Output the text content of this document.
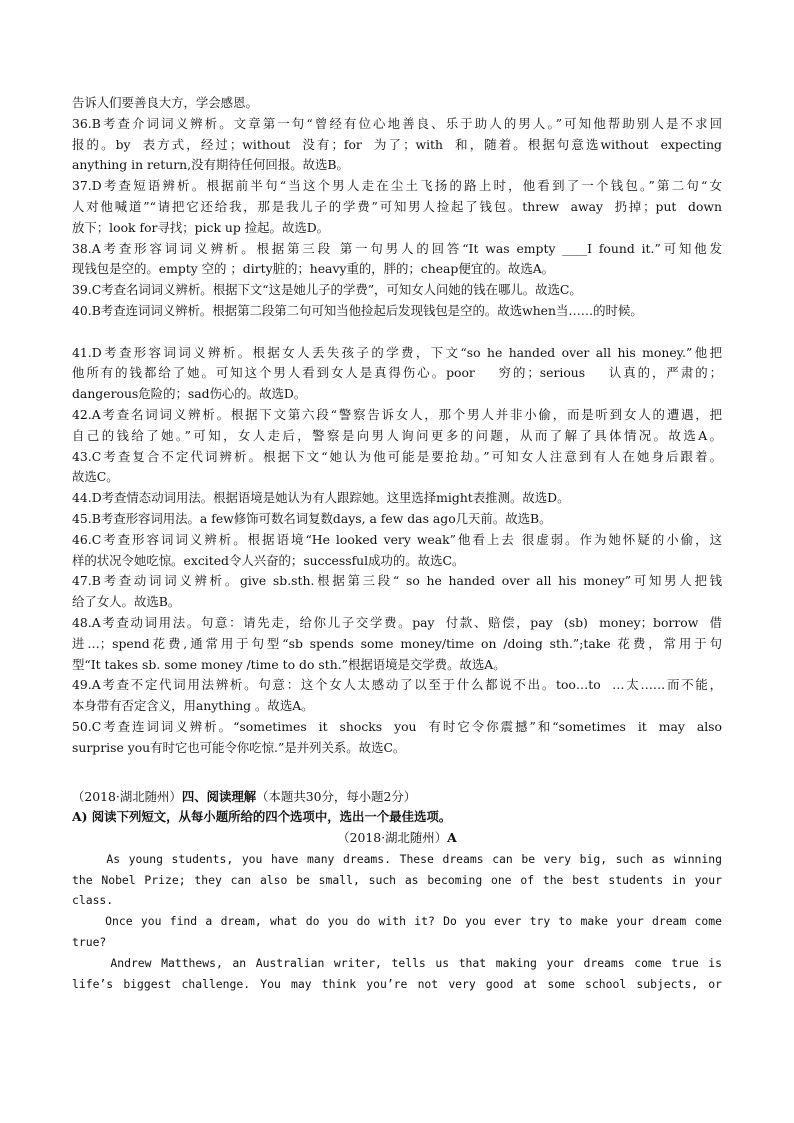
告诉人们要善良大方，学会感恩。
36.B考查介词词义辨析。文章第一句“曾经有位心地善良、乐于助人的男人。”可知他帮助别人是不求回
报的。by  表方式，经过；without  没有；for  为了；with  和，随着。根据句意选without  expecting
anything in return,没有期待任何回报。故选B。
37.D考查短语辨析。根据前半句“当这个男人走在尘土飞扬的路上时，他看到了一个钱包。”第二句“女
人对他喊道”“请把它还给我，那是我儿子的学费”可知男人捡起了钱包。threw  away  扔掉；put  down
放下；look for寻找；pick up 捡起。故选D。
38.A考查形容词词义辨析。根据第三段 第一句男人的回答“It was empty ____I found it.”可知他发
现钱包是空的。empty 空的 ；dirty脏的；heavy重的，胖的；cheap便宜的。故选A。
39.C考查名词词义辨析。根据下文“这是她儿子的学费”，可知女人问她的钱在哪儿。故选C。
40.B考查连词词义辨析。根据第二段第二句可知当他捡起后发现钱包是空的。故选when当……的时候。
41.D考查形容词词义辨析。根据女人丢失孩子的学费，下文“so he handed over all his money.”他把
他所有的钱都给了她。可知这个男人看到女人是真得伤心。poor    穷的；serious    认真的，严肃的；
dangerous危险的；sad伤心的。故选D。
42.A考查名词词义辨析。根据下文第六段“警察告诉女人，那个男人并非小偷，而是听到女人的遭遇，把
自己的钱给了她。”可知，女人走后，警察是向男人询问更多的问题，从而了解了具体情况。故选A。
43.C考查复合不定代词辨析。根据下文“她认为他可能是要抢劫。”可知女人注意到有人在她身后跟着。
故选C。
44.D考查情态动词用法。根据语境是她认为有人跟踪她。这里选择might表推测。故选D。
45.B考查形容词用法。a few修饰可数名词复数days, a few das ago几天前。故选B。
46.C考查形容词词义辨析。根据语境“He looked very weak”他看上去 很虚弱。作为她怀疑的小偷，这
样的状况令她吃惊。excited令人兴奋的；successful成功的。故选C。
47.B考查动词词义辨析。give sb.sth.根据第三段“ so he handed over all his money”可知男人把钱
给了女人。故选B。
48.A考查动词用法。句意：请先走，给你儿子交学费。pay  付款、赔偿，pay  (sb)  money；borrow  借
进…；spend花费,通常用于句型“sb spends some money/time on /doing sth.”;take 花费，常用于句
型“It takes sb. some money /time to do sth.”根据语境是交学费。故选A。
49.A考查不定代词用法辨析。句意：这个女人太感动了以至于什么都说不出。too…to  …太……而不能，
本身带有否定含义，用anything 。故选A。
50.C考查连词词义辨析。“sometimes  it  shocks  you  有时它令你震撼”和“sometimes  it  may  also
surprise you有时它也可能令你吃惊.”是并列关系。故选C。
（2018·湖北随州）四、阅读理解（本题共30分，每小题2分）
A) 阅读下列短文，从每小题所给的四个选项中，选出一个最佳选项。
（2018·湖北随州）A
As young students, you have many dreams. These dreams can be very big, such as winning
the Nobel Prize; they can also be small, such as becoming one of the best students in your
class.
Once you find a dream, what do you do with it? Do you ever try to make your dream come
true?
Andrew Matthews, an Australian writer, tells us that making your dreams come true is
life’s biggest challenge. You may think you’re not very good at some school subjects, or
